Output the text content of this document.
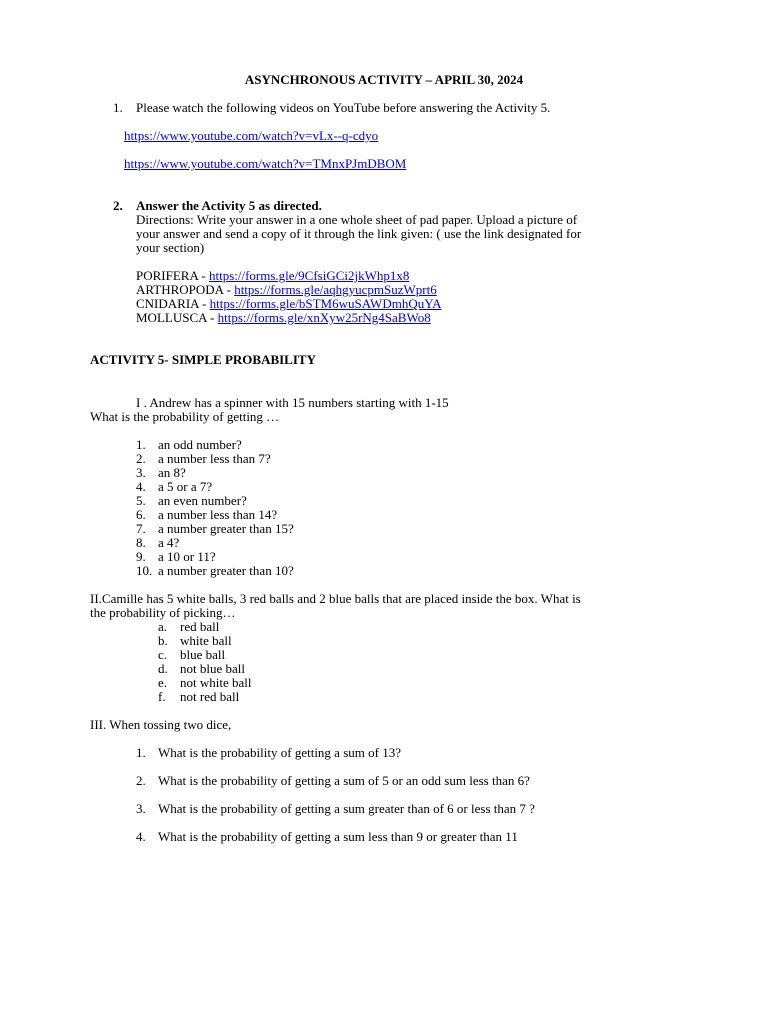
ASYNCHRONOUS ACTIVITY – APRIL 30, 2024
1. Please watch the following videos on YouTube before answering the Activity 5.
https://www.youtube.com/watch?v=vLx--q-cdyo
https://www.youtube.com/watch?v=TMnxPJmDBOM
2. Answer the Activity 5 as directed.
Directions: Write your answer in a one whole sheet of pad paper. Upload a picture of
your answer and send a copy of it through the link given: ( use the link designated for
your section)
PORIFERA - https://forms.gle/9CfsiGCi2jkWhp1x8
ARTHROPODA - https://forms.gle/aqhgyucpmSuzWprt6
CNIDARIA - https://forms.gle/bSTM6wuSAWDmhQuYA
MOLLUSCA - https://forms.gle/xnXyw25rNg4SaBWo8
ACTIVITY 5- SIMPLE PROBABILITY
I . Andrew has a spinner with 15 numbers starting with 1-15
What is the probability of getting …
1. an odd number?
2. a number less than 7?
3. an 8?
4. a 5 or a 7?
5. an even number?
6. a number less than 14?
7. a number greater than 15?
8. a 4?
9. a 10 or 11?
10. a number greater than 10?
II.Camille has 5 white balls, 3 red balls and 2 blue balls that are placed inside the box. What is
the probability of picking…
a. red ball
b. white ball
c. blue ball
d. not blue ball
e. not white ball
f. not red ball
III. When tossing two dice,
1. What is the probability of getting a sum of 13?
2. What is the probability of getting a sum of 5 or an odd sum less than 6?
3. What is the probability of getting a sum greater than of 6 or less than 7 ?
4. What is the probability of getting a sum less than 9 or greater than 11
